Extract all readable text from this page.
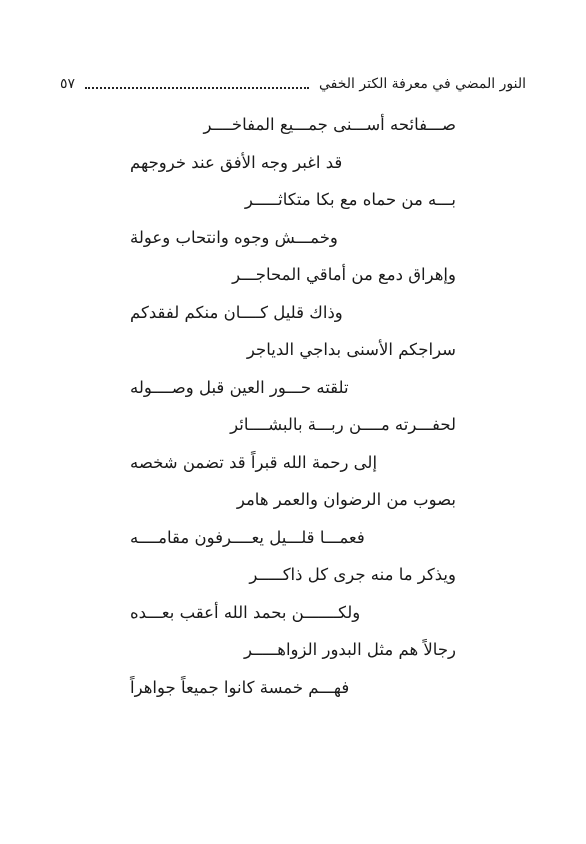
النور المضي في معرفة الكتر الخفي
٥٧
صـــفائحه أســـنى جمـــيع المفاخــــر
قد اغبر وجه الأفق عند خروجهم
بـــه من حماه مع بكا متكاثـــــر
وخمـــش وجوه وانتحاب وعولة
وإهراق دمع من أماقي المحاجـــر
وذاك قليل كــــان منكم لفقدكم
سراجكم الأسنى بداجي الدياجر
تلقته حـــور العين قبل وصــــوله
لحفـــرته مــــن ربـــة بالبشــــائر
إلى رحمة الله قبراً قد تضمن شخصه
بصوب من الرضوان والعمر هامر
فعمـــا قلـــيل يعــــرفون مقامــــه
ويذكر ما منه جرى كل ذاكـــــر
ولكـــــــن بحمد الله أعقب بعـــده
رجالاً هم مثل البدور الزواهـــــر
فهـــم خمسة كانوا جميعاً جواهراً
